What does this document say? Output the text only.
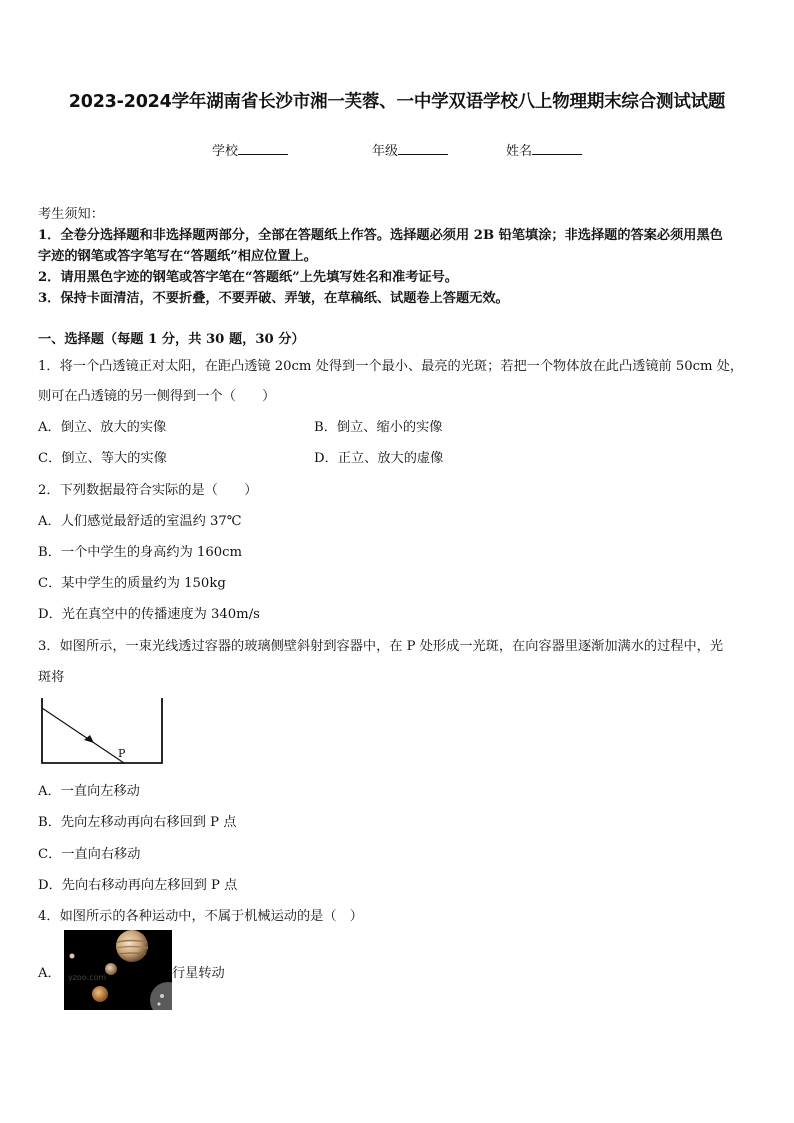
2023-2024学年湖南省长沙市湘一芙蓉、一中学双语学校八上物理期末综合测试试题
学校	年级	姓名
考生须知：
1．全卷分选择题和非选择题两部分，全部在答题纸上作答。选择题必须用 2B 铅笔填涂；非选择题的答案必须用黑色
字迹的钢笔或答字笔写在“答题纸”相应位置上。
2．请用黑色字迹的钢笔或答字笔在“答题纸”上先填写姓名和准考证号。
3．保持卡面清洁，不要折叠，不要弄破、弄皱，在草稿纸、试题卷上答题无效。
一、选择题（每题 1 分，共 30 题，30 分）
1．将一个凸透镜正对太阳，在距凸透镜 20cm 处得到一个最小、最亮的光斑；若把一个物体放在此凸透镜前 50cm 处，
则可在凸透镜的另一侧得到一个（　　）
A．倒立、放大的实像	B．倒立、缩小的实像
C．倒立、等大的实像	D．正立、放大的虚像
2．下列数据最符合实际的是（　　）
A．人们感觉最舒适的室温约 37℃
B．一个中学生的身高约为 160cm
C．某中学生的质量约为 150kg
D．光在真空中的传播速度为 340m/s
3．如图所示，一束光线透过容器的玻璃侧壁斜射到容器中，在 P 处形成一光斑，在向容器里逐渐加满水的过程中，光
斑将
P
A．一直向左移动
B．先向左移动再向右移回到 P 点
C．一直向右移动
D．先向右移动再向左移回到 P 点
4．如图所示的各种运动中，不属于机械运动的是（　）
A． yzoo.com	行星转动
